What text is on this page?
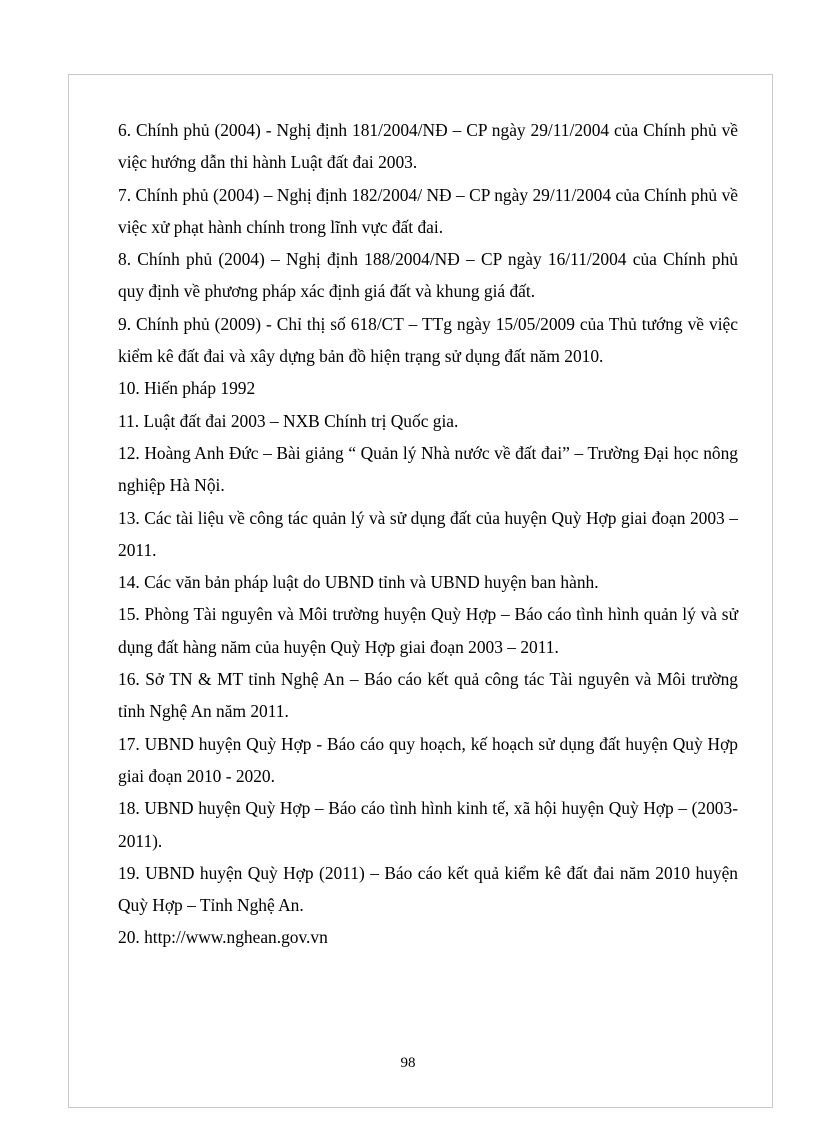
6. Chính phủ (2004) - Nghị định 181/2004/NĐ – CP ngày 29/11/2004 của Chính phủ về việc hướng dẫn thi hành Luật đất đai 2003.
7. Chính phủ (2004) – Nghị định 182/2004/ NĐ – CP ngày 29/11/2004 của Chính phủ về việc xử phạt hành chính trong lĩnh vực đất đai.
8. Chính phủ (2004) – Nghị định 188/2004/NĐ – CP ngày 16/11/2004 của Chính phủ quy định về phương pháp xác định giá đất và khung giá đất.
9. Chính phủ (2009) - Chỉ thị số 618/CT – TTg ngày 15/05/2009 của Thủ tướng về việc kiểm kê đất đai và xây dựng bản đồ hiện trạng sử dụng đất năm 2010.
10. Hiến pháp 1992
11. Luật đất đai 2003 – NXB Chính trị Quốc gia.
12. Hoàng Anh Đức – Bài giảng “ Quản lý Nhà nước về đất đai” – Trường Đại học nông nghiệp Hà Nội.
13. Các tài liệu về công tác quản lý và sử dụng đất của huyện Quỳ Hợp giai đoạn 2003 – 2011.
14. Các văn bản pháp luật do UBND tỉnh và UBND huyện ban hành.
15. Phòng Tài nguyên và Môi trường huyện Quỳ Hợp – Báo cáo tình hình quản lý và sử dụng đất hàng năm của huyện Quỳ Hợp giai đoạn 2003 – 2011.
16. Sở TN & MT tỉnh Nghệ An – Báo cáo kết quả công tác Tài nguyên và Môi trường tỉnh Nghệ An năm 2011.
17. UBND huyện Quỳ Hợp - Báo cáo quy hoạch, kế hoạch sử dụng đất huyện Quỳ Hợp giai đoạn 2010 - 2020.
18. UBND huyện Quỳ Hợp – Báo cáo tình hình kinh tế, xã hội huyện Quỳ Hợp – (2003-2011).
19. UBND huyện Quỳ Hợp (2011) – Báo cáo kết quả kiểm kê đất đai năm 2010 huyện Quỳ Hợp – Tỉnh Nghệ An.
20. http://www.nghean.gov.vn
98
